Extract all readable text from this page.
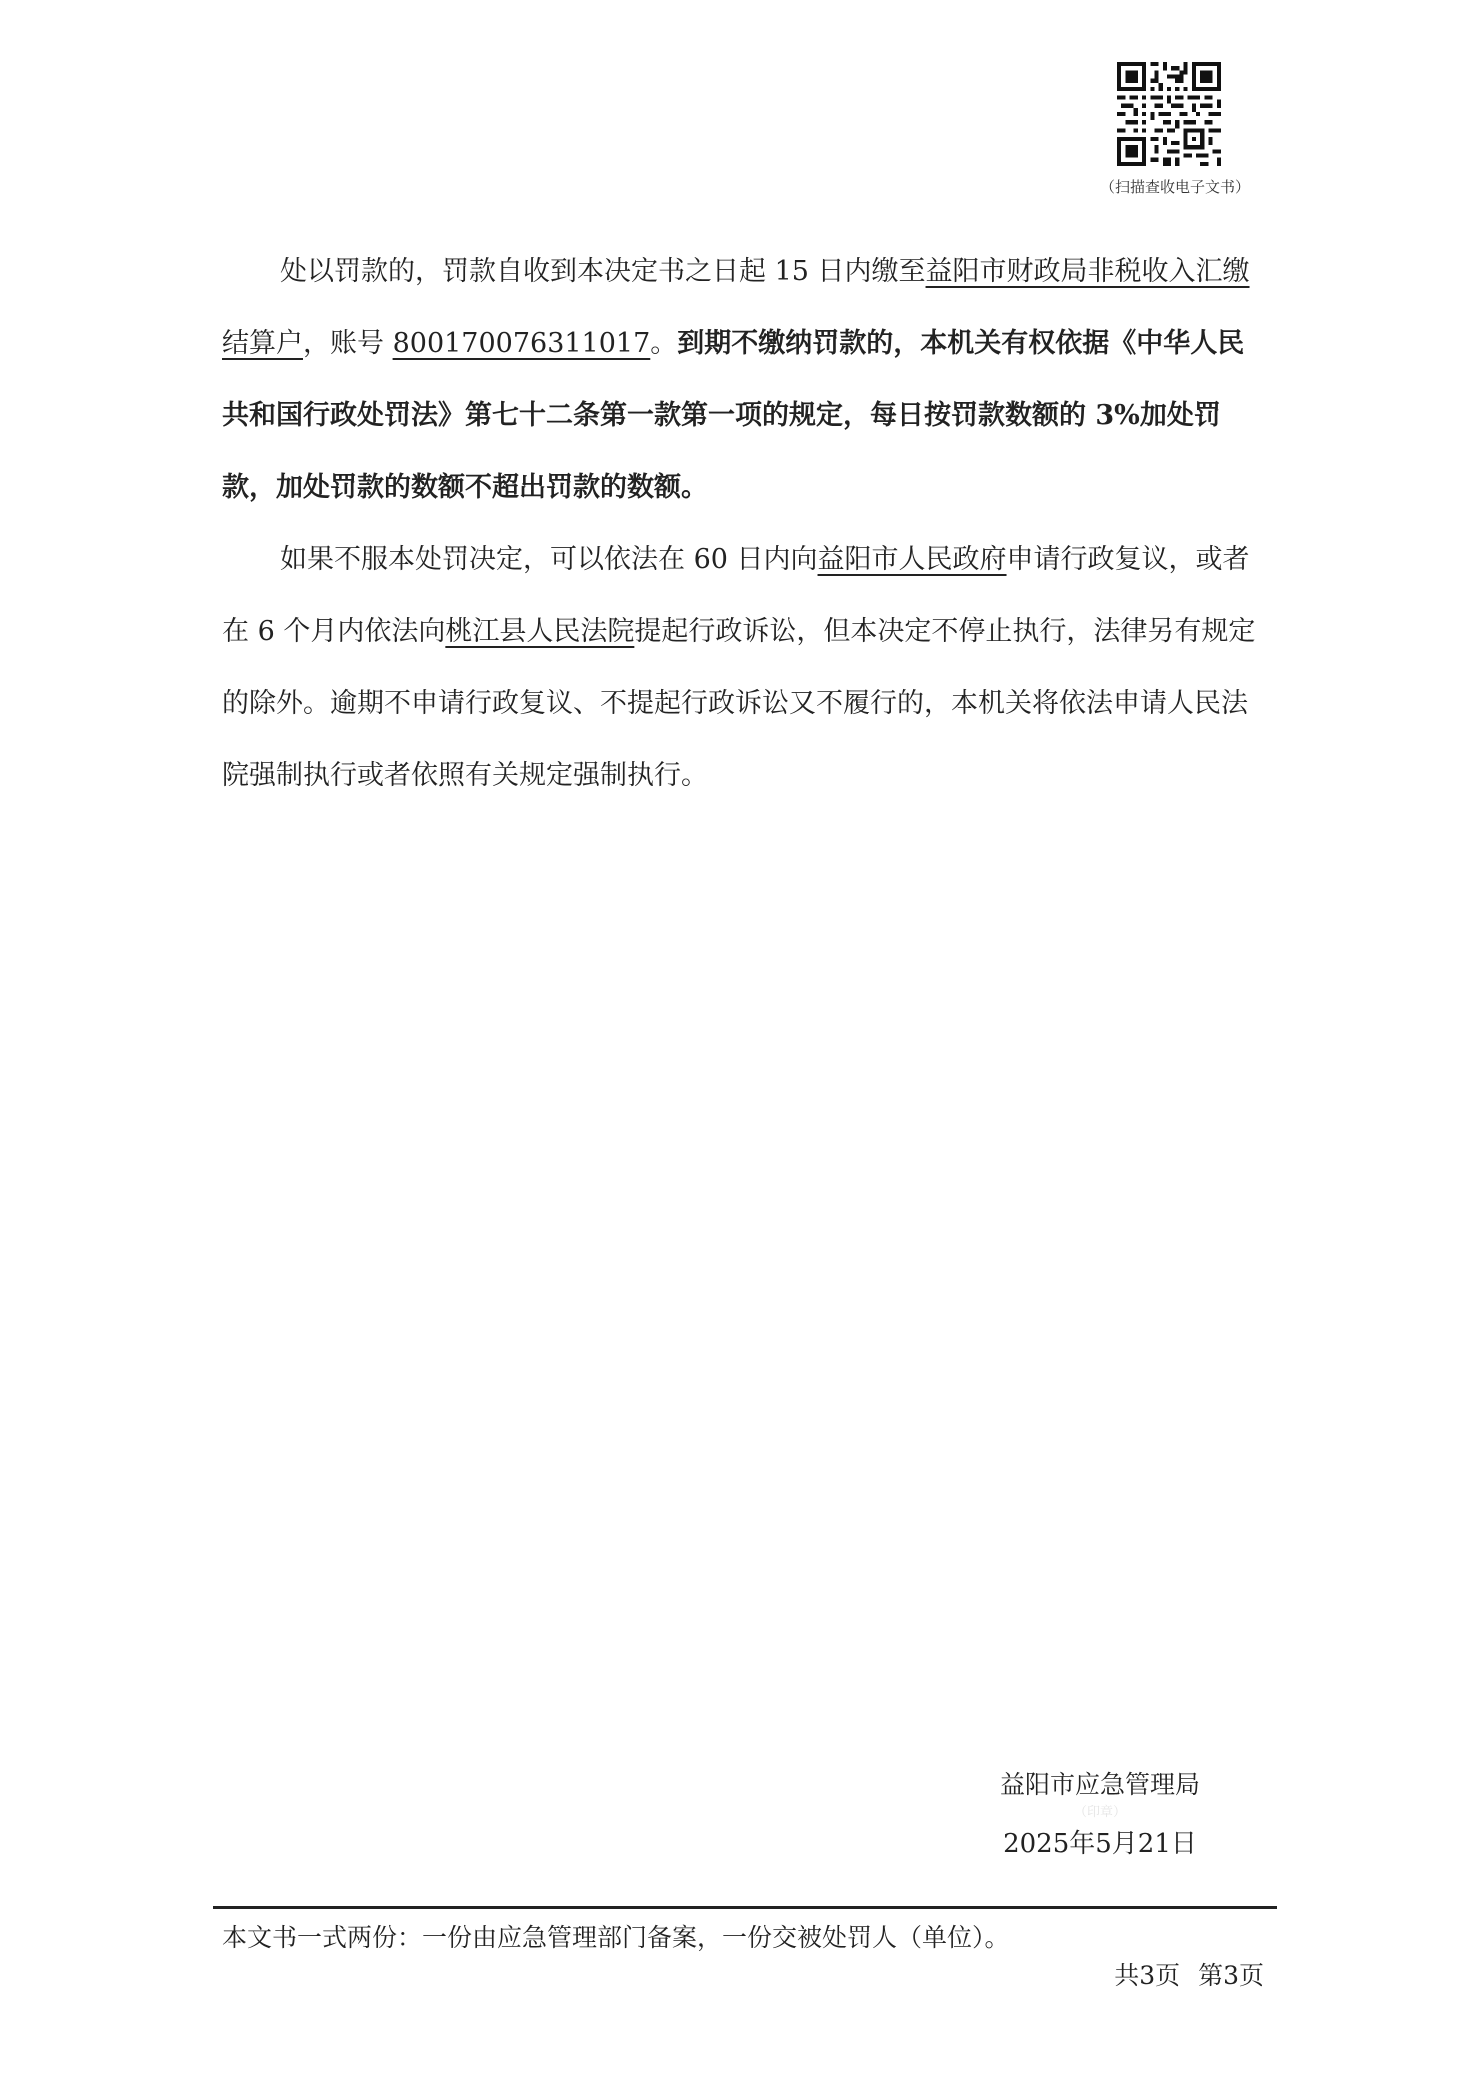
（扫描查收电子文书）

处以罚款的，罚款自收到本决定书之日起 15 日内缴至益阳市财政局非税收入汇缴结算户，账号 800170076311017。到期不缴纳罚款的，本机关有权依据《中华人民共和国行政处罚法》第七十二条第一款第一项的规定，每日按罚款数额的 3%加处罚款，加处罚款的数额不超出罚款的数额。

如果不服本处罚决定，可以依法在 60 日内向益阳市人民政府申请行政复议，或者在 6 个月内依法向桃江县人民法院提起行政诉讼，但本决定不停止执行，法律另有规定的除外。逾期不申请行政复议、不提起行政诉讼又不履行的，本机关将依法申请人民法院强制执行或者依照有关规定强制执行。

益阳市应急管理局
（印章）
2025年5月21日
本文书一式两份：一份由应急管理部门备案，一份交被处罚人（单位）。
共3页 第3页
